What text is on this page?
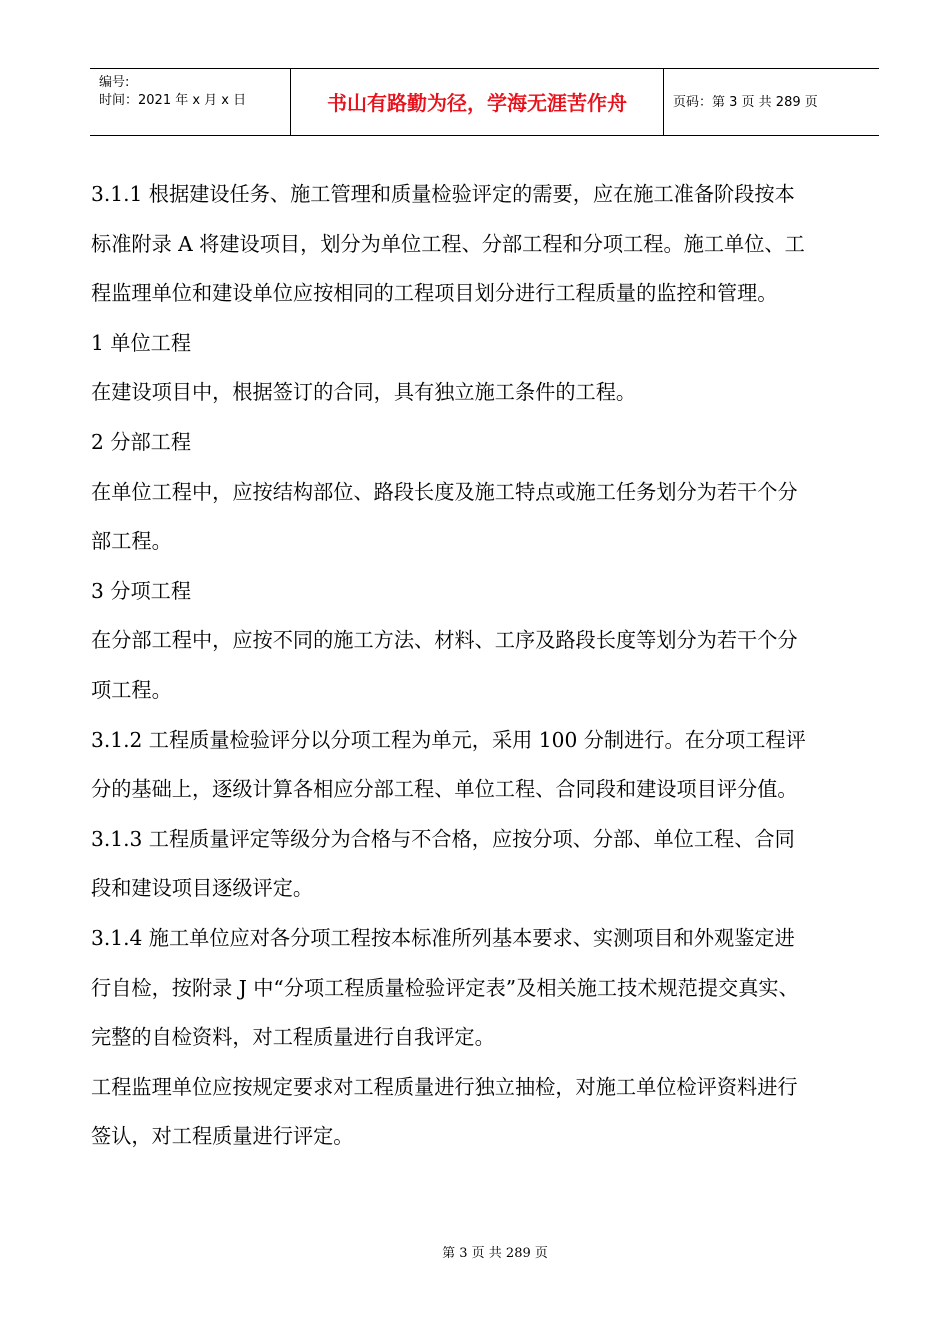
编号:
时间：2021 年 x 月 x 日	书山有路勤为径，学海无涯苦作舟	页码：第 3 页 共 289 页

3.1.1 根据建设任务、施工管理和质量检验评定的需要，应在施工准备阶段按本

标准附录 A 将建设项目，划分为单位工程、分部工程和分项工程。施工单位、工

程监理单位和建设单位应按相同的工程项目划分进行工程质量的监控和管理。

1 单位工程

在建设项目中，根据签订的合同，具有独立施工条件的工程。

2 分部工程

在单位工程中，应按结构部位、路段长度及施工特点或施工任务划分为若干个分

部工程。

3 分项工程

在分部工程中，应按不同的施工方法、材料、工序及路段长度等划分为若干个分

项工程。

3.1.2 工程质量检验评分以分项工程为单元，采用 100 分制进行。在分项工程评

分的基础上，逐级计算各相应分部工程、单位工程、合同段和建设项目评分值。

3.1.3 工程质量评定等级分为合格与不合格，应按分项、分部、单位工程、合同

段和建设项目逐级评定。

3.1.4 施工单位应对各分项工程按本标准所列基本要求、实测项目和外观鉴定进

行自检，按附录 J 中“分项工程质量检验评定表”及相关施工技术规范提交真实、

完整的自检资料，对工程质量进行自我评定。

工程监理单位应按规定要求对工程质量进行独立抽检，对施工单位检评资料进行

签认，对工程质量进行评定。

第 3 页 共 289 页
